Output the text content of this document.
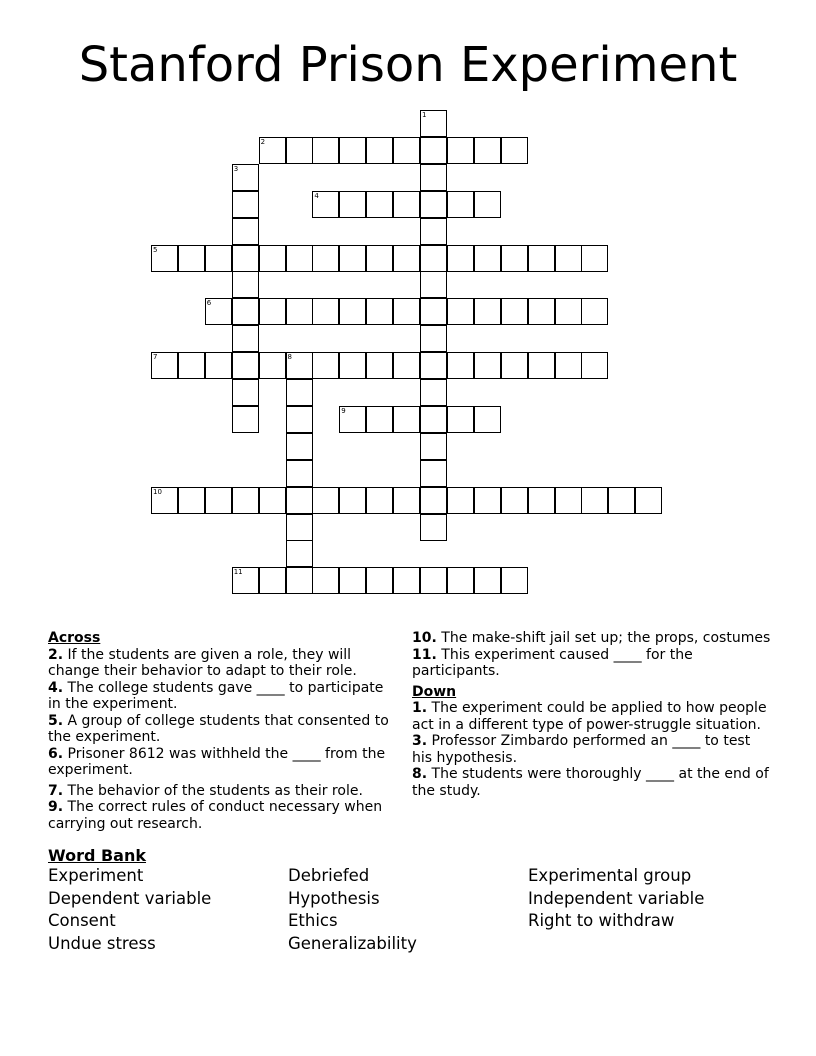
Stanford Prison Experiment
1
2
3
4
5
6
7	8
9
10
11
Across
2. If the students are given a role, they will change their behavior to adapt to their role.
4. The college students gave ____ to participate in the experiment.
5. A group of college students that consented to the experiment.
6. Prisoner 8612 was withheld the ____ from the experiment.
7. The behavior of the students as their role.
9. The correct rules of conduct necessary when carrying out research.
10. The make-shift jail set up; the props, costumes
11. This experiment caused ____ for the participants.
Down
1. The experiment could be applied to how people act in a different type of power-struggle situation.
3. Professor Zimbardo performed an ____ to test his hypothesis.
8. The students were thoroughly ____ at the end of the study.
Word Bank
Experiment	Debriefed	Experimental group
Dependent variable	Hypothesis	Independent variable
Consent	Ethics	Right to withdraw
Undue stress	Generalizability
